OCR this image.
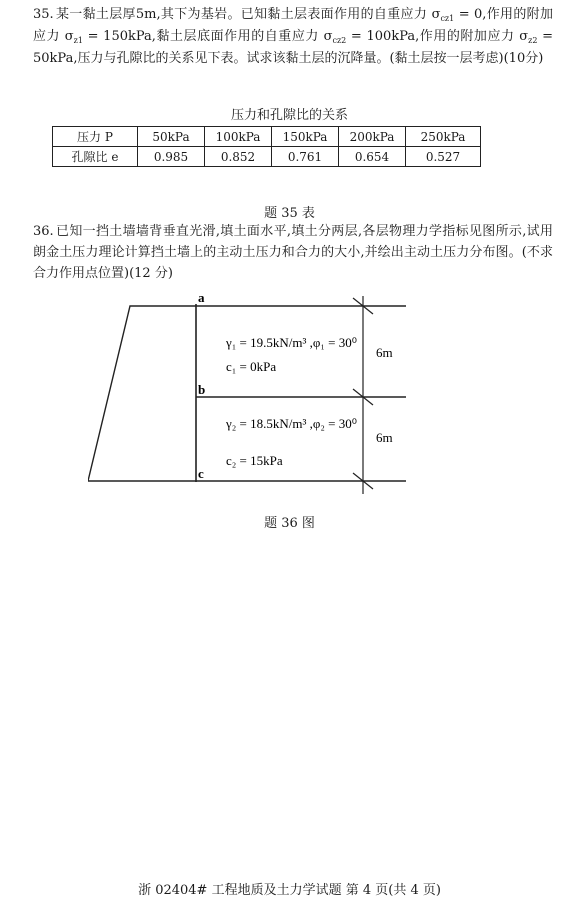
35. 某一黏土层厚5m,其下为基岩。已知黏土层表面作用的自重应力 $\sigma_{cz1} = 0$,作用的附加应力 $\sigma_{z1} = 150kPa$,黏土层底面作用的自重应力 $\sigma_{cz2} = 100kPa$,作用的附加应力 $\sigma_{z2} = 50kPa$,压力与孔隙比的关系见下表。试求该黏土层的沉降量。(黏土层按一层考虑)(10分)
压力和孔隙比的关系
压力 P	50kPa	100kPa	150kPa	200kPa	250kPa
孔隙比 e	0.985	0.852	0.761	0.654	0.527
题 35 表
36. 已知一挡土墙墙背垂直光滑,填土面水平,填土分两层,各层物理力学指标见图所示,试用朗金土压力理论计算挡土墙上的主动土压力和合力的大小,并绘出主动土压力分布图。(不求合力作用点位置)(12 分)
a
b
c
γ₁ = 19.5kN/m³ ,φ₁ = 30⁰
c₁ = 0kPa
γ₂ = 18.5kN/m³ ,φ₂ = 30⁰
c₂ = 15kPa
6m
6m
题 36 图
浙 02404# 工程地质及土力学试题 第 4 页(共 4 页)
